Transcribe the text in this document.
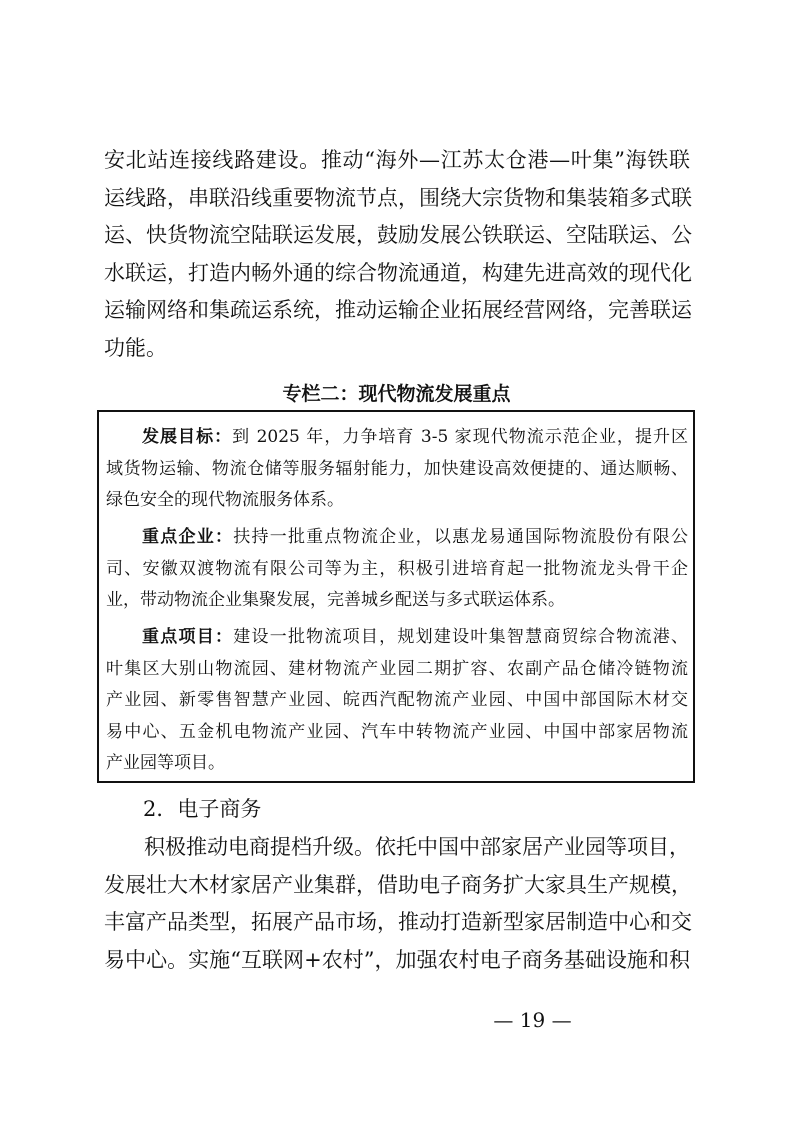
安北站连接线路建设。推动“海外—江苏太仓港—叶集”海铁联
运线路，串联沿线重要物流节点，围绕大宗货物和集装箱多式联
运、快货物流空陆联运发展，鼓励发展公铁联运、空陆联运、公
水联运，打造内畅外通的综合物流通道，构建先进高效的现代化
运输网络和集疏运系统，推动运输企业拓展经营网络，完善联运
功能。
专栏二：现代物流发展重点
发展目标：到 2025 年，力争培育 3-5 家现代物流示范企业，提升区
域货物运输、物流仓储等服务辐射能力，加快建设高效便捷的、通达顺畅、
绿色安全的现代物流服务体系。
重点企业：扶持一批重点物流企业，以惠龙易通国际物流股份有限公
司、安徽双渡物流有限公司等为主，积极引进培育起一批物流龙头骨干企
业，带动物流企业集聚发展，完善城乡配送与多式联运体系。
重点项目：建设一批物流项目，规划建设叶集智慧商贸综合物流港、
叶集区大别山物流园、建材物流产业园二期扩容、农副产品仓储冷链物流
产业园、新零售智慧产业园、皖西汽配物流产业园、中国中部国际木材交
易中心、五金机电物流产业园、汽车中转物流产业园、中国中部家居物流
产业园等项目。
2．电子商务
积极推动电商提档升级。依托中国中部家居产业园等项目，
发展壮大木材家居产业集群，借助电子商务扩大家具生产规模，
丰富产品类型，拓展产品市场，推动打造新型家居制造中心和交
易中心。实施“互联网+农村”，加强农村电子商务基础设施和积
— 19 —
